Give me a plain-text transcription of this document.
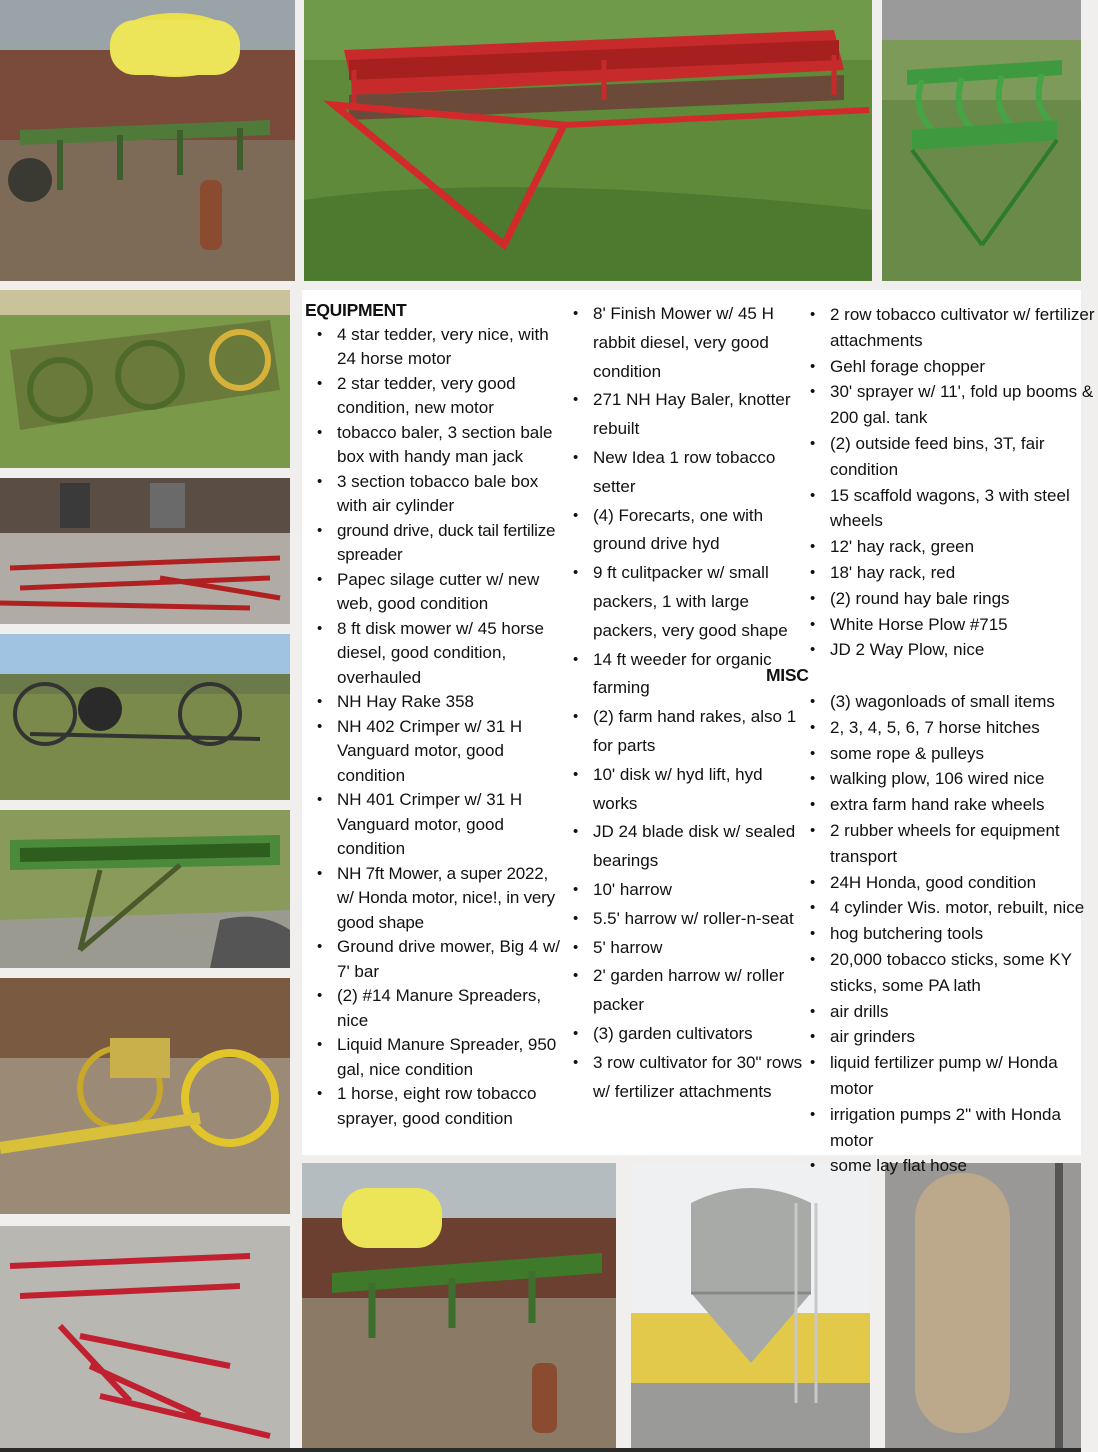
EQUIPMENT
• 4 star tedder, very nice, with 24 horse motor
• 2 star tedder, very good condition, new motor
• tobacco baler, 3 section bale box with handy man jack
• 3 section tobacco bale box with air cylinder
• ground drive, duck tail fertilize spreader
• Papec silage cutter w/ new web, good condition
• 8 ft disk mower w/ 45 horse diesel, good condition, overhauled
• NH Hay Rake 358
• NH 402 Crimper w/ 31 H Vanguard motor, good condition
• NH 401 Crimper w/ 31 H Vanguard motor, good condition
• NH 7ft Mower, a super 2022, w/ Honda motor, nice!, in very good shape
• Ground drive mower, Big 4 w/ 7' bar
• (2) #14 Manure Spreaders, nice
• Liquid Manure Spreader, 950 gal, nice condition
• 1 horse, eight row tobacco sprayer, good condition
• 8' Finish Mower w/ 45 H rabbit diesel, very good condition
• 271 NH Hay Baler, knotter rebuilt
• New Idea 1 row tobacco setter
• (4) Forecarts, one with ground drive hyd
• 9 ft culitpacker w/ small packers, 1 with large packers, very good shape
• 14 ft weeder for organic farming
• (2) farm hand rakes, also 1 for parts
• 10' disk w/ hyd lift, hyd works
• JD 24 blade disk w/ sealed bearings
• 10' harrow
• 5.5' harrow w/ roller-n-seat
• 5' harrow
• 2' garden harrow w/ roller packer
• (3) garden cultivators
• 3 row cultivator for 30" rows w/ fertilizer attachments
• 2 row tobacco cultivator w/ fertilizer attachments
• Gehl forage chopper
• 30' sprayer w/ 11', fold up booms & 200 gal. tank
• (2) outside feed bins, 3T, fair condition
• 15 scaffold wagons, 3 with steel wheels
• 12' hay rack, green
• 18' hay rack, red
• (2) round hay bale rings
• White Horse Plow #715
• JD 2 Way Plow, nice
MISC
• (3) wagonloads of small items
• 2, 3, 4, 5, 6, 7 horse hitches
• some rope & pulleys
• walking plow, 106 wired nice
• extra farm hand rake wheels
• 2 rubber wheels for equipment transport
• 24H Honda, good condition
• 4 cylinder Wis. motor, rebuilt, nice
• hog butchering tools
• 20,000 tobacco sticks, some KY sticks, some PA lath
• air drills
• air grinders
• liquid fertilizer pump w/ Honda motor
• irrigation pumps 2" with Honda motor
• some lay flat hose
